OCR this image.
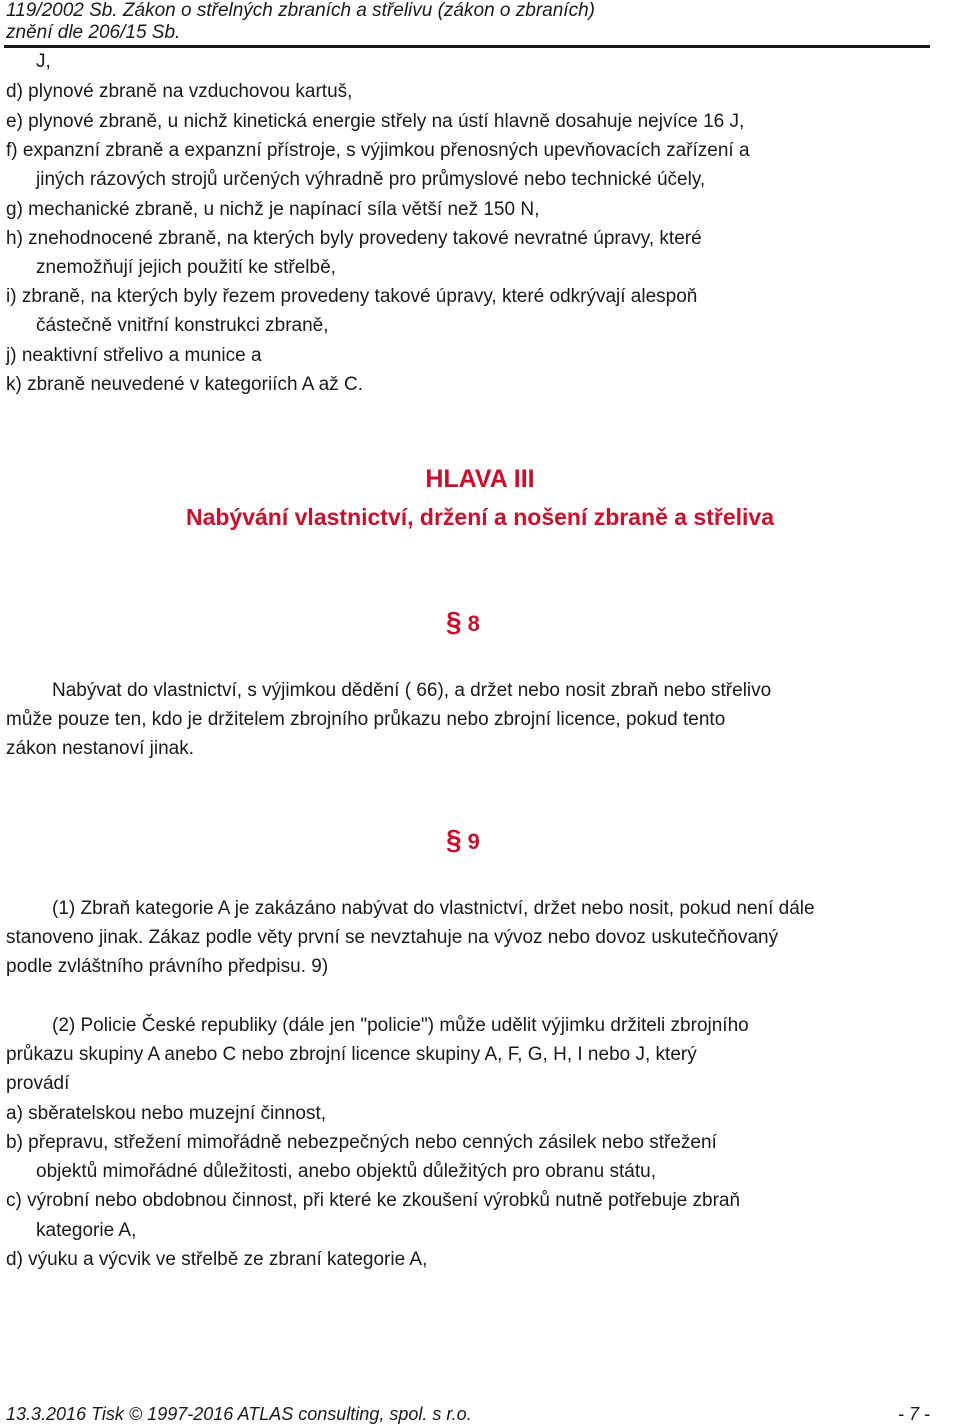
119/2002 Sb. Zákon o střelných zbraních a střelivu (zákon o zbraních)
znění dle 206/15 Sb.
J,
d) plynové zbraně na vzduchovou kartuš,
e) plynové zbraně, u nichž kinetická energie střely na ústí hlavně dosahuje nejvíce 16 J,
f) expanzní zbraně a expanzní přístroje, s výjimkou přenosných upevňovacích zařízení a
jiných rázových strojů určených výhradně pro průmyslové nebo technické účely,
g) mechanické zbraně, u nichž je napínací síla větší než 150 N,
h) znehodnocené zbraně, na kterých byly provedeny takové nevratné úpravy, které
znemožňují jejich použití ke střelbě,
i) zbraně, na kterých byly řezem provedeny takové úpravy, které odkrývají alespoň
částečně vnitřní konstrukci zbraně,
j) neaktivní střelivo a munice a
k) zbraně neuvedené v kategoriích A až C.
HLAVA III
Nabývání vlastnictví, držení a nošení zbraně a střeliva
§ 8
Nabývat do vlastnictví, s výjimkou dědění ( 66), a držet nebo nosit zbraň nebo střelivo
může pouze ten, kdo je držitelem zbrojního průkazu nebo zbrojní licence, pokud tento
zákon nestanoví jinak.
§ 9
(1) Zbraň kategorie A je zakázáno nabývat do vlastnictví, držet nebo nosit, pokud není dále
stanoveno jinak. Zákaz podle věty první se nevztahuje na vývoz nebo dovoz uskutečňovaný
podle zvláštního právního předpisu. 9)
(2) Policie České republiky (dále jen "policie") může udělit výjimku držiteli zbrojního
průkazu skupiny A anebo C nebo zbrojní licence skupiny A, F, G, H, I nebo J, který
provádí
a) sběratelskou nebo muzejní činnost,
b) přepravu, střežení mimořádně nebezpečných nebo cenných zásilek nebo střežení
objektů mimořádné důležitosti, anebo objektů důležitých pro obranu státu,
c) výrobní nebo obdobnou činnost, při které ke zkoušení výrobků nutně potřebuje zbraň
kategorie A,
d) výuku a výcvik ve střelbě ze zbraní kategorie A,
13.3.2016 Tisk © 1997-2016 ATLAS consulting, spol. s r.o.	- 7 -
